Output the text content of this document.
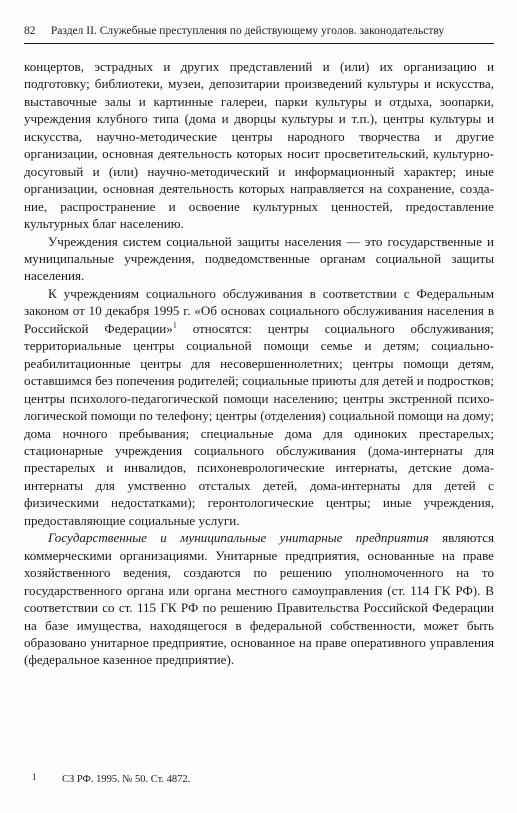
82 Раздел II. Служебные преступления по действующему уголов. законодательству

концертов, эстрадных и других представлений и (или) их организацию и подготовку; библиотеки, музеи, депозитарии произведений культуры и искусства, выставочные залы и картинные галереи, парки культуры и отдыха, зоопарки, учреждения клубного типа (дома и дворцы культуры и т.п.), центры культуры и искусства, научно-методические центры народного творчества и другие организации, основная деятельность которых носит просветительский, культурно-досуговый и (или) научно-методический и информационный характер; иные организации, основная деятельность которых направляется на сохранение, создание, распространение и освоение культурных ценностей, предоставление культурных благ населению.

Учреждения систем социальной защиты населения — это государственные и муниципальные учреждения, подведомственные органам социальной защиты населения.

К учреждениям социального обслуживания в соответствии с Федеральным законом от 10 декабря 1995 г. «Об основах социального обслуживания населения в Российской Федерации»$^1$ относятся: центры социального обслуживания; территориальные центры социальной помощи семье и детям; социально-реабилитационные центры для несовершеннолетних; центры помощи детям, оставшимся без попечения родителей; социальные приюты для детей и подростков; центры психолого-педагогической помощи населению; центры экстренной психологической помощи по телефону; центры (отделения) социальной помощи на дому; дома ночного пребывания; специальные дома для одиноких престарелых; стационарные учреждения социального обслуживания (дома-интернаты для престарелых и инвалидов, психоневрологические интернаты, детские дома-интернаты для умственно отсталых детей, дома-интернаты для детей с физическими недостатками); геронтологические центры; иные учреждения, предоставляющие социальные услуги.

Государственные и муниципальные унитарные предприятия являются коммерческими организациями. Унитарные предприятия, основанные на праве хозяйственного ведения, создаются по решению уполномоченного на то государственного органа или органа местного самоуправления (ст. 114 ГК РФ). В соответствии со ст. 115 ГК РФ по решению Правительства Российской Федерации на базе имущества, находящегося в федеральной собственности, может быть образовано унитарное предприятие, основанное на праве оперативного управления (федеральное казенное предприятие).

1 СЗ РФ. 1995. № 50. Ст. 4872.
